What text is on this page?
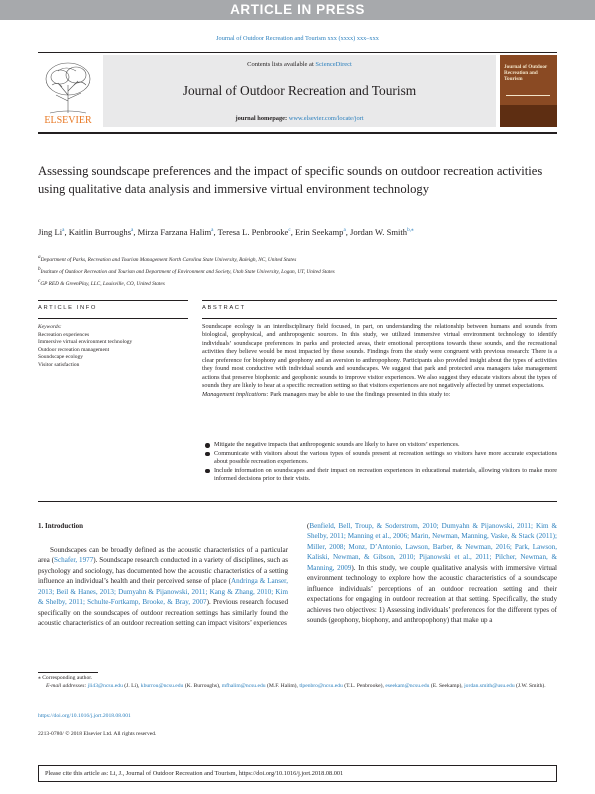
ARTICLE IN PRESS
Journal of Outdoor Recreation and Tourism xxx (xxxx) xxx–xxx
ELSEVIER
Contents lists available at ScienceDirect
Journal of Outdoor Recreation and Tourism
journal homepage: www.elsevier.com/locate/jort
Journal of Outdoor Recreation and Tourism
Assessing soundscape preferences and the impact of specific sounds on outdoor recreation activities using qualitative data analysis and immersive virtual environment technology
Jing Li$^a$, Kaitlin Burroughs$^a$, Mirza Farzana Halim$^a$, Teresa L. Penbrooke$^c$, Erin Seekamp$^a$, Jordan W. Smith$^{b,⁎}$
$^a$Department of Parks, Recreation and Tourism Management North Carolina State University, Raleigh, NC, United States
$^b$Institute of Outdoor Recreation and Tourism and Department of Environment and Society, Utah State University, Logan, UT, United States
$^c$GP RED & GreenPlay, LLC, Louisville, CO, United States
ARTICLE INFO	ABSTRACT
Keywords:
Recreation experiences
Immersive virtual environment technology
Outdoor recreation management
Soundscape ecology
Visitor satisfaction

Soundscape ecology is an interdisciplinary field focused, in part, on understanding the relationship between humans and sounds from biological, geophysical, and anthropogenic sources. In this study, we utilized immersive virtual environment technology to identify individuals’ soundscape preferences in parks and protected areas, their emotional perceptions towards these sounds, and the recreational activities they believe would be most impacted by these sounds. Findings from the study were congruent with previous research: There is a clear preference for biophony and geophony and an aversion to anthropophony. Participants also provided insight about the types of activities they found most conductive with individual sounds and soundscapes. We suggest that park and protected area managers take management actions that preserve biophonic and geophonic sounds to improve visitor experiences. We also suggest they educate visitors about the types of sounds they are likely to hear at a specific recreation setting so that visitors experiences are not negatively affected by unmet expectations.

Management implications: Park managers may be able to use the findings presented in this study to:

Mitigate the negative impacts that anthropogenic sounds are likely to have on visitors’ experiences.
Communicate with visitors about the various types of sounds present at recreation settings so visitors have more accurate expectations about possible recreation experiences.
Include information on soundscapes and their impact on recreation experiences in educational materials, allowing visitors to make more informed decisions prior to their visits.
1. Introduction
Soundscapes can be broadly defined as the acoustic characteristics of a particular area (Schafer, 1977). Soundscape research conducted in a variety of disciplines, such as psychology and sociology, has documented how the acoustic characteristics of a setting influence an individual’s health and their perceived sense of place (Andringa & Lanser, 2013; Beil & Hanes, 2013; Dumyahn & Pijanowski, 2011; Kang & Zhang, 2010; Kim & Shelby, 2011; Schulte-Fortkamp, Brooke, & Bray, 2007). Previous research focused specifically on the soundscapes of outdoor recreation settings has similarly found the acoustic characteristics of an outdoor recreation setting can impact visitors’ experiences
(Benfield, Bell, Troup, & Soderstrom, 2010; Dumyahn & Pijanowski, 2011; Kim & Shelby, 2011; Manning et al., 2006; Marin, Newman, Manning, Vaske, & Stack (2011); Miller, 2008; Monz, D’Antonio, Lawson, Barber, & Newman, 2016; Park, Lawson, Kaliski, Newman, & Gibson, 2010; Pijanowski et al., 2011; Pilcher, Newman, & Manning, 2009). In this study, we couple qualitative analysis with immersive virtual environment technology to explore how the acoustic characteristics of a soundscape influence individuals’ perceptions of an outdoor recreation setting and their expectations for engaging in outdoor recreation at that setting. Specifically, the study achieves two objectives: 1) Assessing individuals’ preferences for the different types of sounds (geophony, biophony, and anthropophony) that make up a
⁎ Corresponding author.
E-mail addresses: jli43@ncsu.edu (J. Li), kburrou@ncsu.edu (K. Burroughs), mfhalim@ncsu.edu (M.F. Halim), tlpenbro@ncsu.edu (T.L. Penbrooke), eseekam@ncsu.edu (E. Seekamp), jordan.smith@usu.edu (J.W. Smith).
https://doi.org/10.1016/j.jort.2018.08.001
2213-0780/ © 2018 Elsevier Ltd. All rights reserved.
Please cite this article as: Li, J., Journal of Outdoor Recreation and Tourism, https://doi.org/10.1016/j.jort.2018.08.001
